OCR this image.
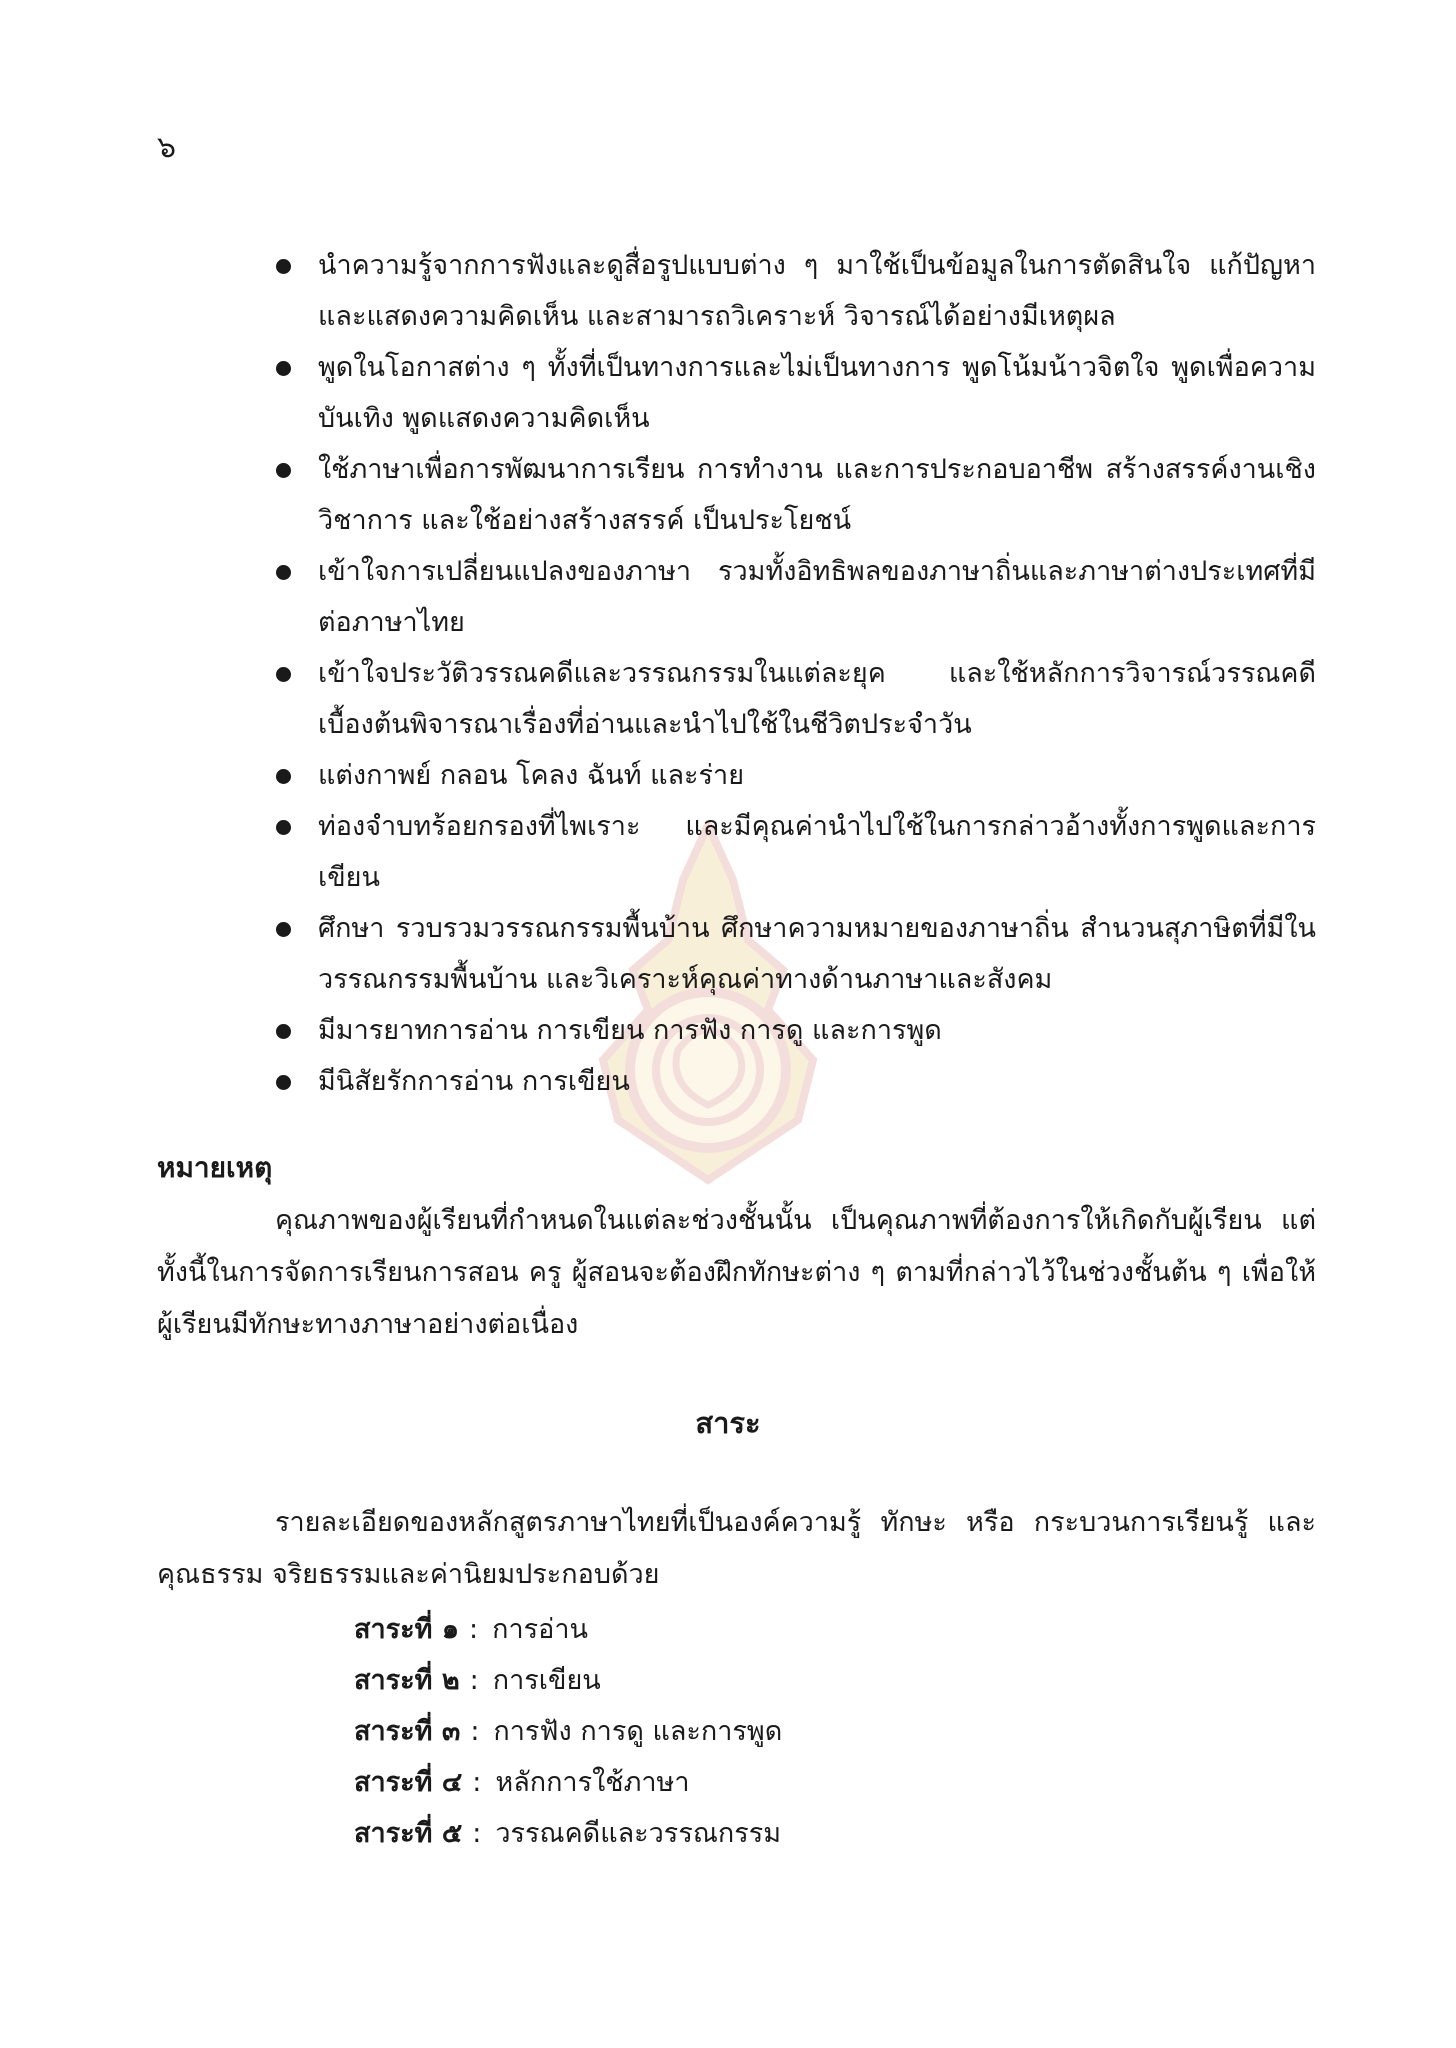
๖
นำความรู้จากการฟังและดูสื่อรูปแบบต่าง ๆ มาใช้เป็นข้อมูลในการตัดสินใจ แก้ปัญหา และแสดงความคิดเห็น และสามารถวิเคราะห์ วิจารณ์ได้อย่างมีเหตุผล
พูดในโอกาสต่าง ๆ ทั้งที่เป็นทางการและไม่เป็นทางการ พูดโน้มน้าวจิตใจ พูดเพื่อความบันเทิง พูดแสดงความคิดเห็น
ใช้ภาษาเพื่อการพัฒนาการเรียน การทำงาน และการประกอบอาชีพ สร้างสรรค์งานเชิงวิชาการ และใช้อย่างสร้างสรรค์ เป็นประโยชน์
เข้าใจการเปลี่ยนแปลงของภาษา รวมทั้งอิทธิพลของภาษาถิ่นและภาษาต่างประเทศที่มีต่อภาษาไทย
เข้าใจประวัติวรรณคดีและวรรณกรรมในแต่ละยุค และใช้หลักการวิจารณ์วรรณคดีเบื้องต้นพิจารณาเรื่องที่อ่านและนำไปใช้ในชีวิตประจำวัน
แต่งกาพย์ กลอน โคลง ฉันท์ และร่าย
ท่องจำบทร้อยกรองที่ไพเราะ และมีคุณค่านำไปใช้ในการกล่าวอ้างทั้งการพูดและการเขียน
ศึกษา รวบรวมวรรณกรรมพื้นบ้าน ศึกษาความหมายของภาษาถิ่น สำนวนสุภาษิตที่มีในวรรณกรรมพื้นบ้าน และวิเคราะห์คุณค่าทางด้านภาษาและสังคม
มีมารยาทการอ่าน การเขียน การฟัง การดู และการพูด
มีนิสัยรักการอ่าน การเขียน
หมายเหตุ

คุณภาพของผู้เรียนที่กำหนดในแต่ละช่วงชั้นนั้น เป็นคุณภาพที่ต้องการให้เกิดกับผู้เรียน แต่ทั้งนี้ในการจัดการเรียนการสอน ครู ผู้สอนจะต้องฝึกทักษะต่าง ๆ ตามที่กล่าวไว้ในช่วงชั้นต้น ๆ เพื่อให้ผู้เรียนมีทักษะทางภาษาอย่างต่อเนื่อง

สาระ

รายละเอียดของหลักสูตรภาษาไทยที่เป็นองค์ความรู้ ทักษะ หรือ กระบวนการเรียนรู้ และคุณธรรม จริยธรรมและค่านิยมประกอบด้วย

สาระที่ ๑ : การอ่าน
สาระที่ ๒ : การเขียน
สาระที่ ๓ : การฟัง การดู และการพูด
สาระที่ ๔ : หลักการใช้ภาษา
สาระที่ ๕ : วรรณคดีและวรรณกรรม
